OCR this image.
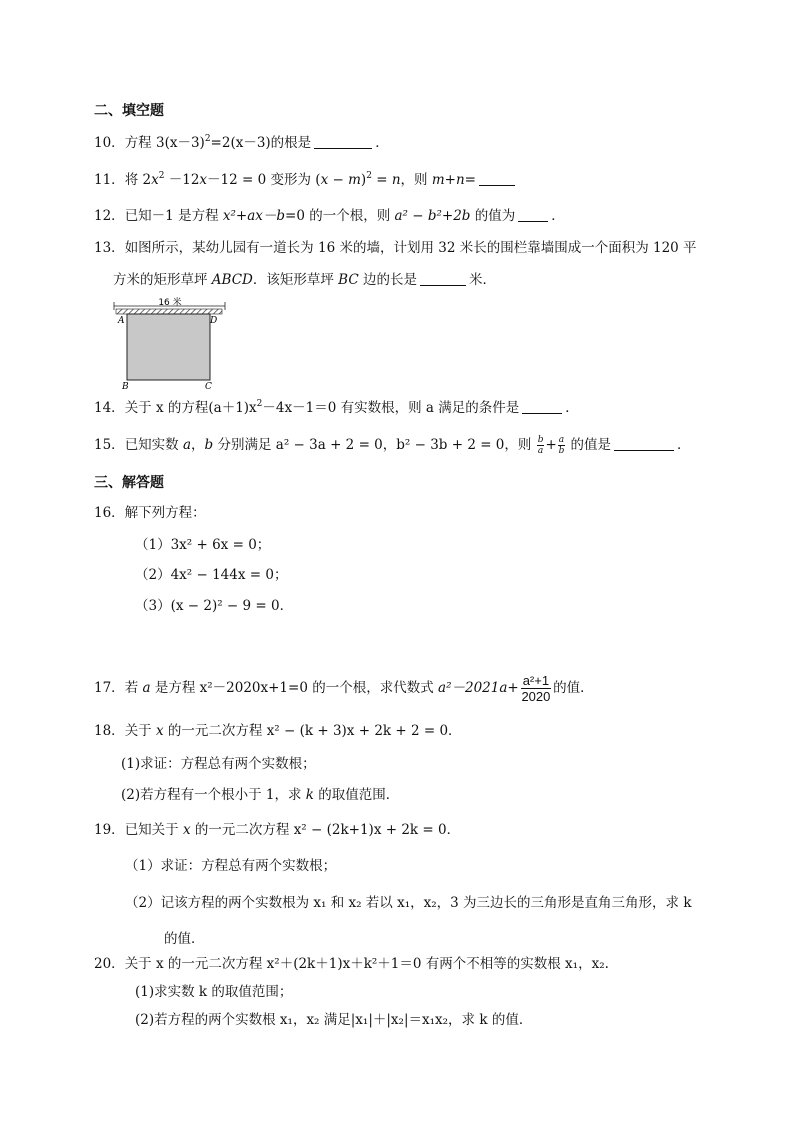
二、填空题
10．方程 $3(x-3)^2=2(x-3)$的根是	．
11．将 $2x^2 -12x-12 = 0$ 变形为 $(x - m)^2 = n$，则 m+n=
12．已知－1 是方程 x²+ax－b=0 的一个根，则 a² − b²+2b 的值为	．
13．如图所示，某幼儿园有一道长为 16 米的墙，计划用 32 米长的围栏靠墙围成一个面积为 120 平
方米的矩形草坪 ABCD．该矩形草坪 BC 边的长是	米．
16 米
A	D
B	C
14．关于 x 的方程$(a+1)x^2-4x-1=0$ 有实数根，则 a 满足的条件是	．
15．已知实数 a，b 分别满足 a² − 3a + 2 = 0，b² − 3b + 2 = 0，则 $\frac{b}{a} + \frac{a}{b}$ 的值是	．
三、解答题
16．解下列方程：
（1）3x² + 6x = 0；
（2）4x² − 144x = 0；
（3）(x − 2)² − 9 = 0．
17．若 a 是方程 x²－2020x+1=0 的一个根，求代数式 $a^2-2021a+ \frac{\text{a²+1}}{2020}$ 的值．
18．关于 x 的一元二次方程 x² − (k + 3)x + 2k + 2 = 0．
(1)求证：方程总有两个实数根；
(2)若方程有一个根小于 1，求 k 的取值范围．
19．已知关于 x 的一元二次方程 x² − (2k+1)x + 2k = 0．
（1）求证：方程总有两个实数根；
（2）记该方程的两个实数根为 x₁ 和 x₂ 若以 x₁，x₂，3 为三边长的三角形是直角三角形，求 k
的值．
20．关于 x 的一元二次方程 x²＋(2k＋1)x＋k²＋1＝0 有两个不相等的实数根 x₁，x₂.
(1)求实数 k 的取值范围；
(2)若方程的两个实数根 x₁，x₂ 满足|x₁|＋|x₂|＝x₁x₂，求 k 的值．
